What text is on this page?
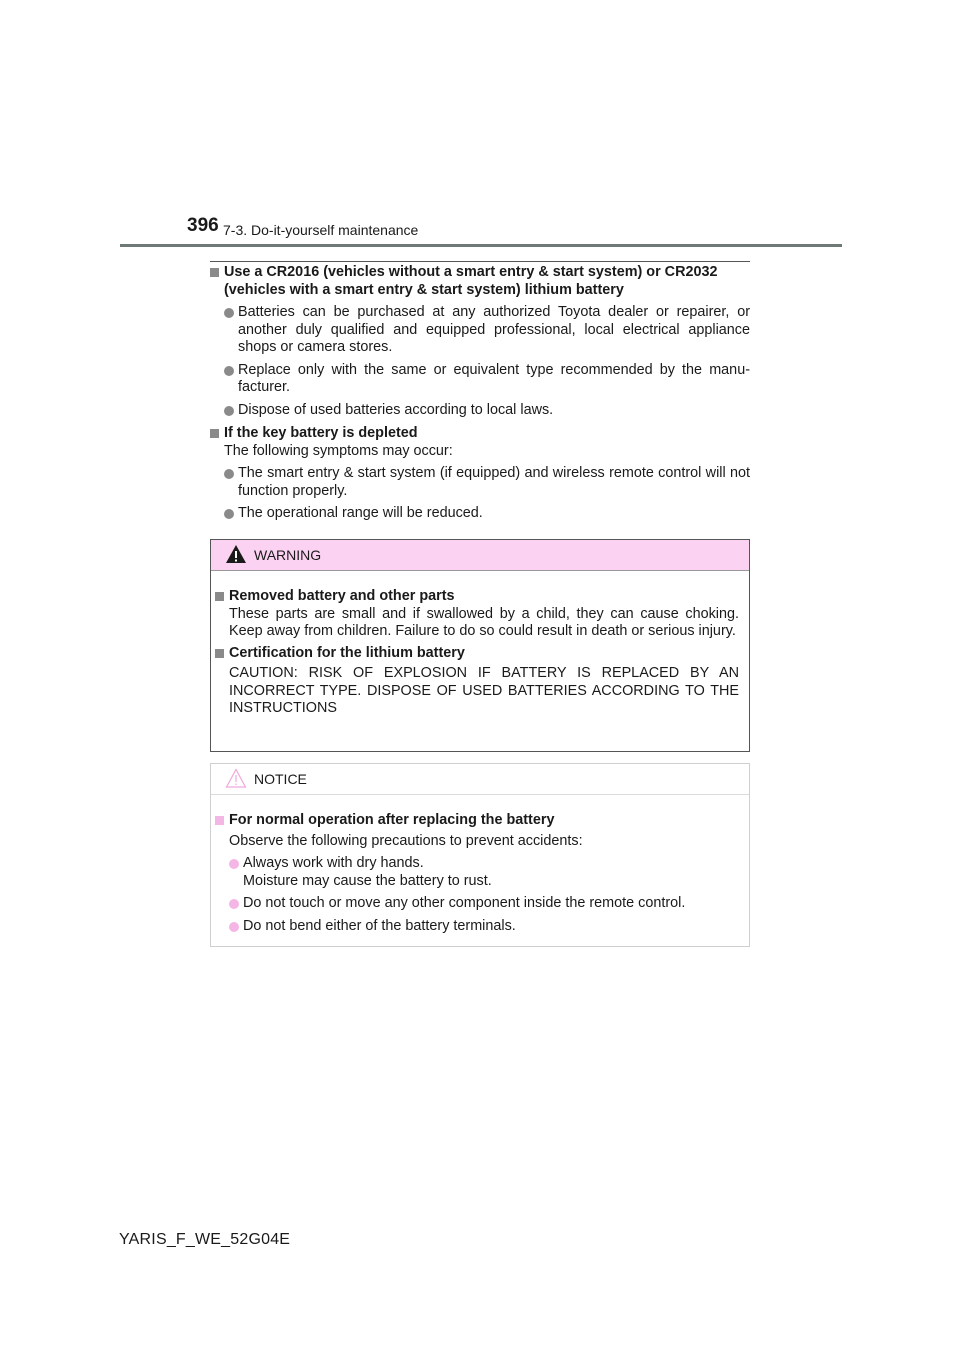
396 7-3. Do-it-yourself maintenance
Use a CR2016 (vehicles without a smart entry & start system) or CR2032 (vehicles with a smart entry & start system) lithium battery
Batteries can be purchased at any authorized Toyota dealer or repairer, or another duly qualified and equipped professional, local electrical appliance shops or camera stores.
Replace only with the same or equivalent type recommended by the manu-facturer.
Dispose of used batteries according to local laws.
If the key battery is depleted
The following symptoms may occur:
The smart entry & start system (if equipped) and wireless remote control will not function properly.
The operational range will be reduced.
WARNING
Removed battery and other parts
These parts are small and if swallowed by a child, they can cause choking. Keep away from children. Failure to do so could result in death or serious injury.
Certification for the lithium battery
CAUTION: RISK OF EXPLOSION IF BATTERY IS REPLACED BY AN INCORRECT TYPE. DISPOSE OF USED BATTERIES ACCORDING TO THE INSTRUCTIONS
NOTICE
For normal operation after replacing the battery
Observe the following precautions to prevent accidents:
Always work with dry hands.
Moisture may cause the battery to rust.
Do not touch or move any other component inside the remote control.
Do not bend either of the battery terminals.
YARIS_F_WE_52G04E
